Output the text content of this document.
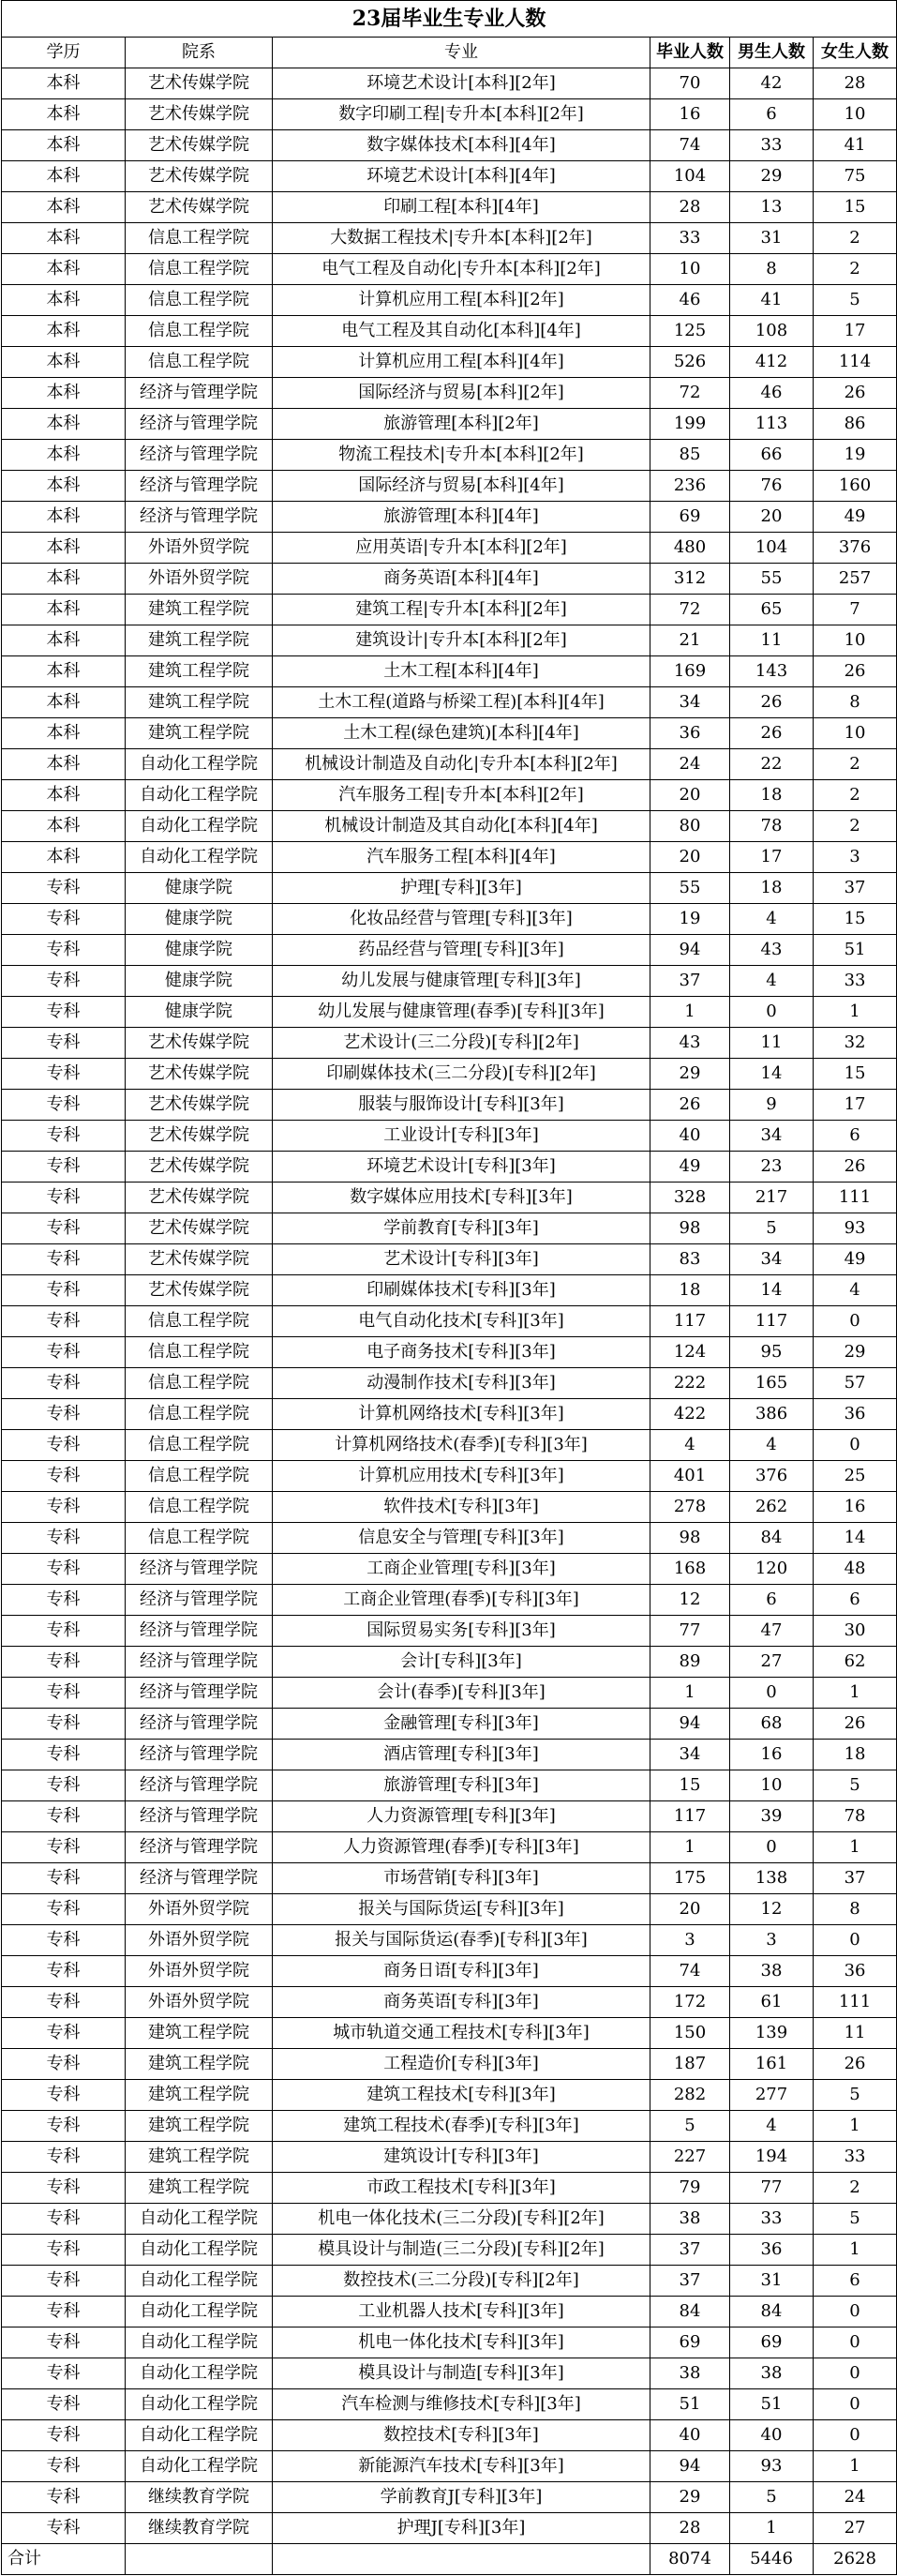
23届毕业生专业人数					
学历	院系	专业	毕业人数	男生人数	女生人数
本科	艺术传媒学院	环境艺术设计[本科][2年]	70	42	28
本科	艺术传媒学院	数字印刷工程|专升本[本科][2年]	16	6	10
本科	艺术传媒学院	数字媒体技术[本科][4年]	74	33	41
本科	艺术传媒学院	环境艺术设计[本科][4年]	104	29	75
本科	艺术传媒学院	印刷工程[本科][4年]	28	13	15
本科	信息工程学院	大数据工程技术|专升本[本科][2年]	33	31	2
本科	信息工程学院	电气工程及自动化|专升本[本科][2年]	10	8	2
本科	信息工程学院	计算机应用工程[本科][2年]	46	41	5
本科	信息工程学院	电气工程及其自动化[本科][4年]	125	108	17
本科	信息工程学院	计算机应用工程[本科][4年]	526	412	114
本科	经济与管理学院	国际经济与贸易[本科][2年]	72	46	26
本科	经济与管理学院	旅游管理[本科][2年]	199	113	86
本科	经济与管理学院	物流工程技术|专升本[本科][2年]	85	66	19
本科	经济与管理学院	国际经济与贸易[本科][4年]	236	76	160
本科	经济与管理学院	旅游管理[本科][4年]	69	20	49
本科	外语外贸学院	应用英语|专升本[本科][2年]	480	104	376
本科	外语外贸学院	商务英语[本科][4年]	312	55	257
本科	建筑工程学院	建筑工程|专升本[本科][2年]	72	65	7
本科	建筑工程学院	建筑设计|专升本[本科][2年]	21	11	10
本科	建筑工程学院	土木工程[本科][4年]	169	143	26
本科	建筑工程学院	土木工程(道路与桥梁工程)[本科][4年]	34	26	8
本科	建筑工程学院	土木工程(绿色建筑)[本科][4年]	36	26	10
本科	自动化工程学院	机械设计制造及自动化|专升本[本科][2年]	24	22	2
本科	自动化工程学院	汽车服务工程|专升本[本科][2年]	20	18	2
本科	自动化工程学院	机械设计制造及其自动化[本科][4年]	80	78	2
本科	自动化工程学院	汽车服务工程[本科][4年]	20	17	3
专科	健康学院	护理[专科][3年]	55	18	37
专科	健康学院	化妆品经营与管理[专科][3年]	19	4	15
专科	健康学院	药品经营与管理[专科][3年]	94	43	51
专科	健康学院	幼儿发展与健康管理[专科][3年]	37	4	33
专科	健康学院	幼儿发展与健康管理(春季)[专科][3年]	1	0	1
专科	艺术传媒学院	艺术设计(三二分段)[专科][2年]	43	11	32
专科	艺术传媒学院	印刷媒体技术(三二分段)[专科][2年]	29	14	15
专科	艺术传媒学院	服装与服饰设计[专科][3年]	26	9	17
专科	艺术传媒学院	工业设计[专科][3年]	40	34	6
专科	艺术传媒学院	环境艺术设计[专科][3年]	49	23	26
专科	艺术传媒学院	数字媒体应用技术[专科][3年]	328	217	111
专科	艺术传媒学院	学前教育[专科][3年]	98	5	93
专科	艺术传媒学院	艺术设计[专科][3年]	83	34	49
专科	艺术传媒学院	印刷媒体技术[专科][3年]	18	14	4
专科	信息工程学院	电气自动化技术[专科][3年]	117	117	0
专科	信息工程学院	电子商务技术[专科][3年]	124	95	29
专科	信息工程学院	动漫制作技术[专科][3年]	222	165	57
专科	信息工程学院	计算机网络技术[专科][3年]	422	386	36
专科	信息工程学院	计算机网络技术(春季)[专科][3年]	4	4	0
专科	信息工程学院	计算机应用技术[专科][3年]	401	376	25
专科	信息工程学院	软件技术[专科][3年]	278	262	16
专科	信息工程学院	信息安全与管理[专科][3年]	98	84	14
专科	经济与管理学院	工商企业管理[专科][3年]	168	120	48
专科	经济与管理学院	工商企业管理(春季)[专科][3年]	12	6	6
专科	经济与管理学院	国际贸易实务[专科][3年]	77	47	30
专科	经济与管理学院	会计[专科][3年]	89	27	62
专科	经济与管理学院	会计(春季)[专科][3年]	1	0	1
专科	经济与管理学院	金融管理[专科][3年]	94	68	26
专科	经济与管理学院	酒店管理[专科][3年]	34	16	18
专科	经济与管理学院	旅游管理[专科][3年]	15	10	5
专科	经济与管理学院	人力资源管理[专科][3年]	117	39	78
专科	经济与管理学院	人力资源管理(春季)[专科][3年]	1	0	1
专科	经济与管理学院	市场营销[专科][3年]	175	138	37
专科	外语外贸学院	报关与国际货运[专科][3年]	20	12	8
专科	外语外贸学院	报关与国际货运(春季)[专科][3年]	3	3	0
专科	外语外贸学院	商务日语[专科][3年]	74	38	36
专科	外语外贸学院	商务英语[专科][3年]	172	61	111
专科	建筑工程学院	城市轨道交通工程技术[专科][3年]	150	139	11
专科	建筑工程学院	工程造价[专科][3年]	187	161	26
专科	建筑工程学院	建筑工程技术[专科][3年]	282	277	5
专科	建筑工程学院	建筑工程技术(春季)[专科][3年]	5	4	1
专科	建筑工程学院	建筑设计[专科][3年]	227	194	33
专科	建筑工程学院	市政工程技术[专科][3年]	79	77	2
专科	自动化工程学院	机电一体化技术(三二分段)[专科][2年]	38	33	5
专科	自动化工程学院	模具设计与制造(三二分段)[专科][2年]	37	36	1
专科	自动化工程学院	数控技术(三二分段)[专科][2年]	37	31	6
专科	自动化工程学院	工业机器人技术[专科][3年]	84	84	0
专科	自动化工程学院	机电一体化技术[专科][3年]	69	69	0
专科	自动化工程学院	模具设计与制造[专科][3年]	38	38	0
专科	自动化工程学院	汽车检测与维修技术[专科][3年]	51	51	0
专科	自动化工程学院	数控技术[专科][3年]	40	40	0
专科	自动化工程学院	新能源汽车技术[专科][3年]	94	93	1
专科	继续教育学院	学前教育J[专科][3年]	29	5	24
专科	继续教育学院	护理J[专科][3年]	28	1	27
合计			8074	5446	2628
